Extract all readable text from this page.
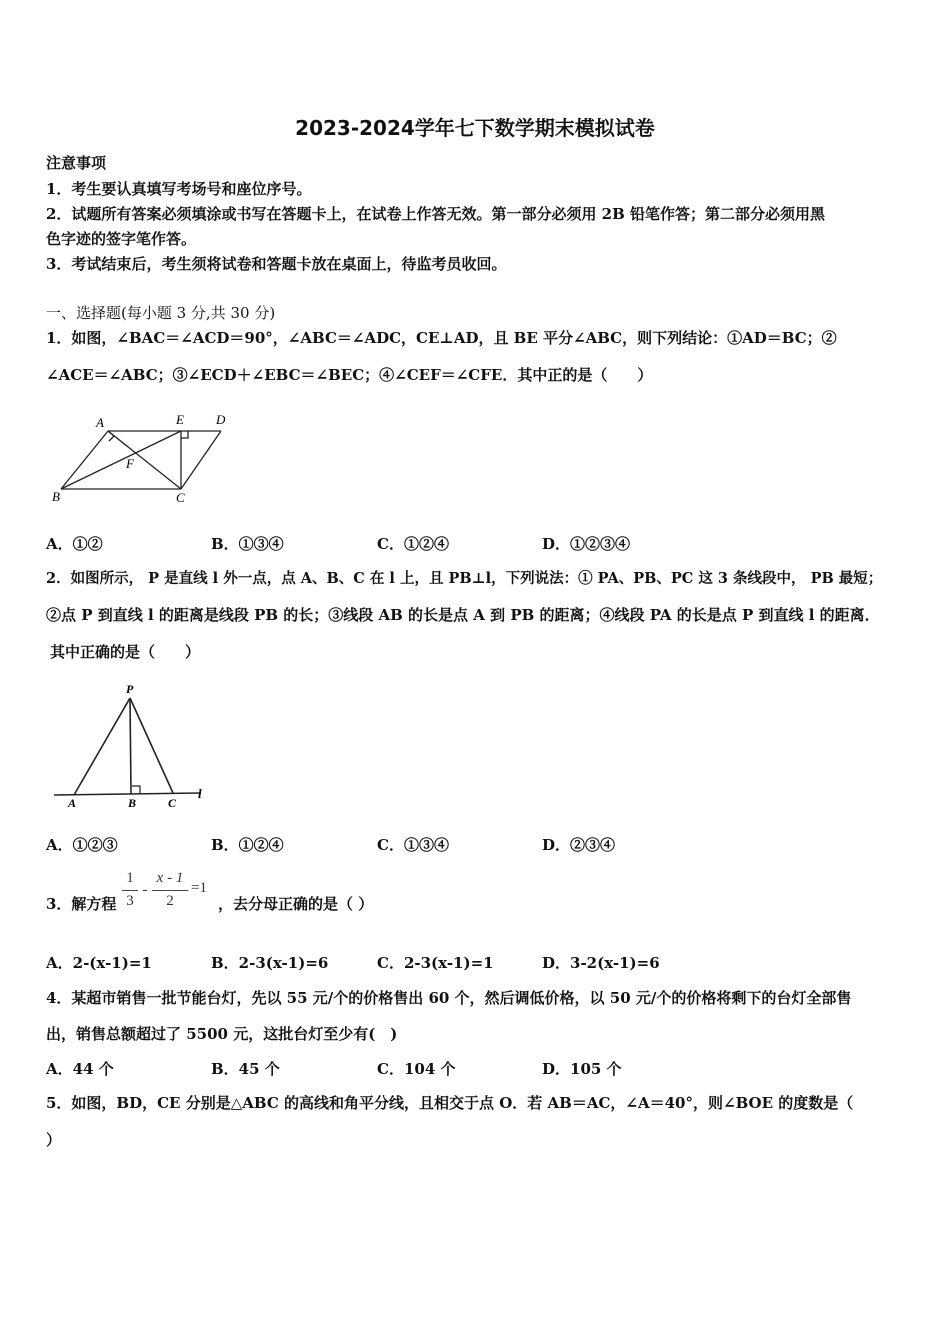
2023-2024学年七下数学期末模拟试卷
注意事项
1．考生要认真填写考场号和座位序号。
2．试题所有答案必须填涂或书写在答题卡上，在试卷上作答无效。第一部分必须用 2B 铅笔作答；第二部分必须用黑
色字迹的签字笔作答。
3．考试结束后，考生须将试卷和答题卡放在桌面上，待监考员收回。
一、选择题(每小题 3 分,共 30 分)
1．如图，∠BAC＝∠ACD＝90°，∠ABC＝∠ADC，CE⊥AD，且 BE 平分∠ABC，则下列结论：①AD＝BC；②
∠ACE＝∠ABC；③∠ECD＋∠EBC＝∠BEC；④∠CEF＝∠CFE．其中正的是（　　）
A	E D
F
B	C
A．①②	B．①③④	C．①②④	D．①②③④
2．如图所示， P 是直线 l 外一点，点 A、B、C 在 l 上，且 PB⊥l，下列说法：① PA、PB、PC 这 3 条线段中， PB 最短；
②点 P 到直线 l 的距离是线段 PB 的长；③线段 AB 的长是点 A 到 PB 的距离；④线段 PA 的长是点 P 到直线 l 的距离．
其中正确的是（　　）
P
A	B	C
l
A．①②③	B．①②④	C．①③④	D．②③④
3．解方程
1
3
-
x - 1
2
=1
，去分母正确的是（ ）
A．2-(x-1)=1	B．2-3(x-1)=6	C．2-3(x-1)=1	D．3-2(x-1)=6
4．某超市销售一批节能台灯，先以 55 元/个的价格售出 60 个，然后调低价格，以 50 元/个的价格将剩下的台灯全部售
出，销售总额超过了 5500 元，这批台灯至少有(　)
A．44 个	B．45 个	C．104 个	D．105 个
5．如图，BD，CE 分别是△ABC 的高线和角平分线，且相交于点 O．若 AB＝AC，∠A＝40°，则∠BOE 的度数是（
）
